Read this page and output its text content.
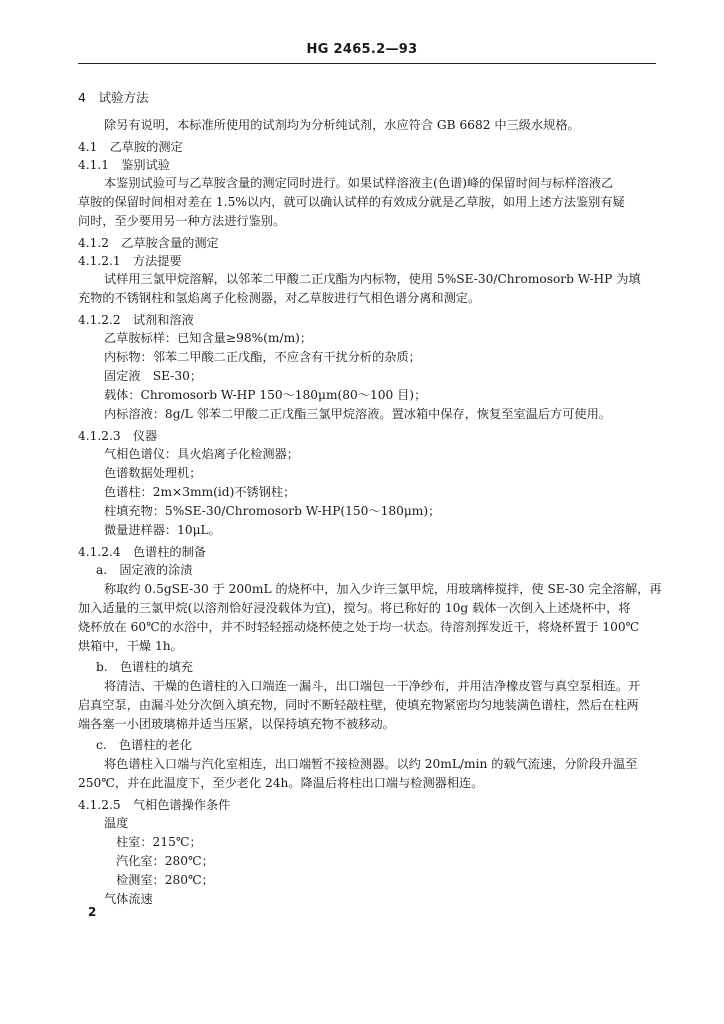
HG 2465.2—93
4　试验方法
除另有说明，本标准所使用的试剂均为分析纯试剂，水应符合 GB 6682 中三级水规格。
4.1　乙草胺的测定
4.1.1　鉴别试验
本鉴别试验可与乙草胺含量的测定同时进行。如果试样溶液主(色谱)峰的保留时间与标样溶液乙
草胺的保留时间相对差在 1.5%以内，就可以确认试样的有效成分就是乙草胺，如用上述方法鉴别有疑
问时，至少要用另一种方法进行鉴别。
4.1.2　乙草胺含量的测定
4.1.2.1　方法提要
试样用三氯甲烷溶解，以邻苯二甲酸二正戊酯为内标物，使用 5%SE-30/Chromosorb W-HP 为填
充物的不锈钢柱和氢焰离子化检测器，对乙草胺进行气相色谱分离和测定。
4.1.2.2　试剂和溶液
乙草胺标样：已知含量≥98%(m/m)；
内标物：邻苯二甲酸二正戊酯，不应含有干扰分析的杂质；
固定液　SE-30；
载体：Chromosorb W-HP 150～180μm(80～100 目)；
内标溶液：8g/L 邻苯二甲酸二正戊酯三氯甲烷溶液。置冰箱中保存，恢复至室温后方可使用。
4.1.2.3　仪器
气相色谱仪：具火焰离子化检测器；
色谱数据处理机；
色谱柱：2m×3mm(id)不锈钢柱；
柱填充物：5%SE-30/Chromosorb W-HP(150～180μm)；
微量进样器：10μL。
4.1.2.4　色谱柱的制备
a.　固定液的涂渍
称取约 0.5gSE-30 于 200mL 的烧杯中，加入少许三氯甲烷，用玻璃棒搅拌，使 SE-30 完全溶解，再
加入适量的三氯甲烷(以溶剂恰好浸没载体为宜)，搅匀。将已称好的 10g 载体一次倒入上述烧杯中，将
烧杯放在 60℃的水浴中，并不时轻轻摇动烧杯使之处于均一状态。待溶剂挥发近干，将烧杯置于 100℃
烘箱中，干燥 1h。
b.　色谱柱的填充
将清洁、干燥的色谱柱的入口端连一漏斗，出口端包一干净纱布，并用洁净橡皮管与真空泵相连。开
启真空泵，由漏斗处分次倒入填充物，同时不断轻敲柱壁，使填充物紧密均匀地装满色谱柱，然后在柱两
端各塞一小团玻璃棉并适当压紧，以保持填充物不被移动。
c.　色谱柱的老化
将色谱柱入口端与汽化室相连，出口端暂不接检测器。以约 20mL/min 的载气流速，分阶段升温至
250℃，并在此温度下，至少老化 24h。降温后将柱出口端与检测器相连。
4.1.2.5　气相色谱操作条件
温度
柱室：215℃；
汽化室：280℃；
检测室：280℃；
气体流速
2
